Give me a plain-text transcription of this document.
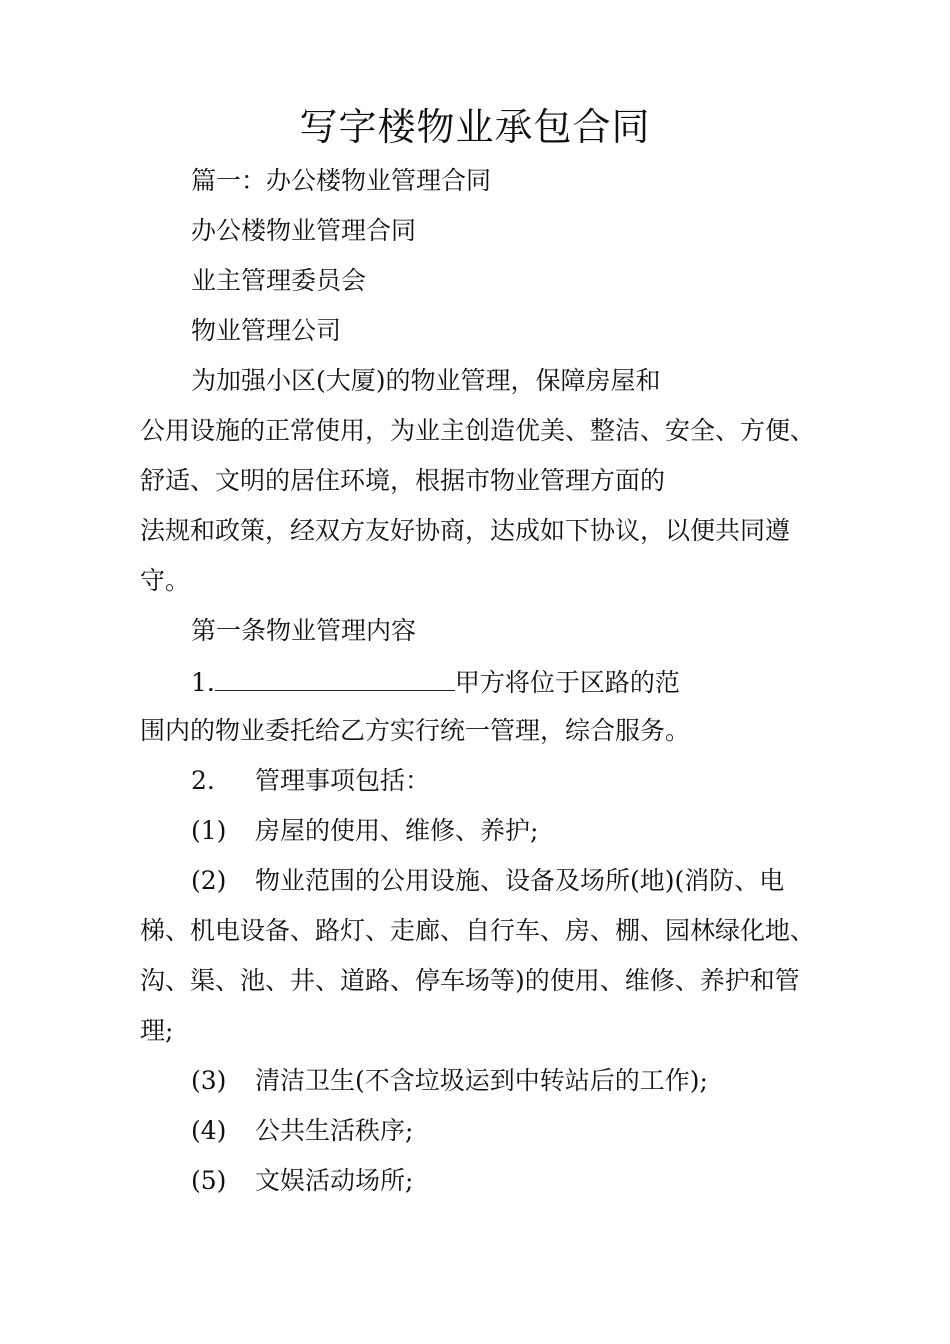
写字楼物业承包合同
篇一：办公楼物业管理合同
办公楼物业管理合同
业主管理委员会
物业管理公司
为加强小区(大厦)的物业管理，保障房屋和
公用设施的正常使用，为业主创造优美、整洁、安全、方便、
舒适、文明的居住环境，根据市物业管理方面的
法规和政策，经双方友好协商，达成如下协议，以便共同遵
守。
第一条物业管理内容
1.	甲方将位于区路的范
围内的物业委托给乙方实行统一管理，综合服务。
2. 管理事项包括：
(1) 房屋的使用、维修、养护;
(2) 物业范围的公用设施、设备及场所(地)(消防、电
梯、机电设备、路灯、走廊、自行车、房、棚、园林绿化地、
沟、渠、池、井、道路、停车场等)的使用、维修、养护和管
理;
(3) 清洁卫生(不含垃圾运到中转站后的工作);
(4) 公共生活秩序;
(5) 文娱活动场所;
